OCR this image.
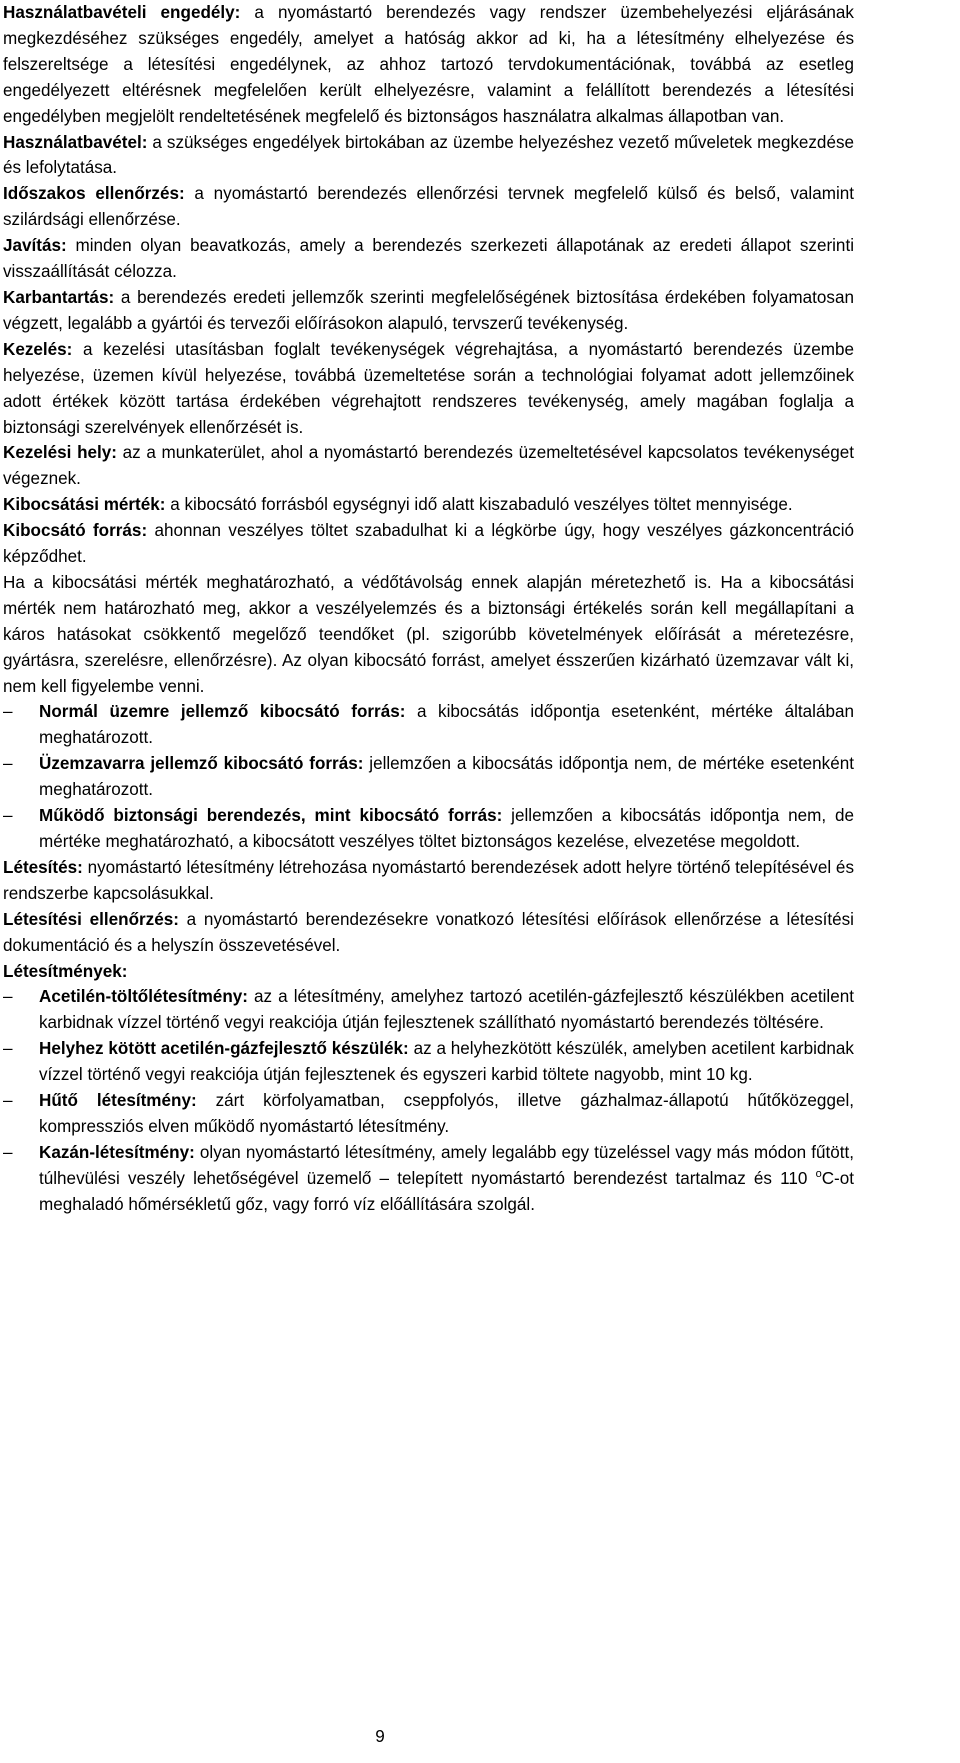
Használatbavételi engedély: a nyomástartó berendezés vagy rendszer üzembehelyezési eljárásának megkezdéséhez szükséges engedély, amelyet a hatóság akkor ad ki, ha a létesítmény elhelyezése és felszereltsége a létesítési engedélynek, az ahhoz tartozó tervdokumentációnak, továbbá az esetleg engedélyezett eltérésnek megfelelően került elhelyezésre, valamint a felállított berendezés a létesítési engedélyben megjelölt rendeltetésének megfelelő és biztonságos használatra alkalmas állapotban van.

Használatbavétel: a szükséges engedélyek birtokában az üzembe helyezéshez vezető műveletek megkezdése és lefolytatása.

Időszakos ellenőrzés: a nyomástartó berendezés ellenőrzési tervnek megfelelő külső és belső, valamint szilárdsági ellenőrzése.

Javítás: minden olyan beavatkozás, amely a berendezés szerkezeti állapotának az eredeti állapot szerinti visszaállítását célozza.

Karbantartás: a berendezés eredeti jellemzők szerinti megfelelőségének biztosítása érdekében folyamatosan végzett, legalább a gyártói és tervezői előírásokon alapuló, tervszerű tevékenység.

Kezelés: a kezelési utasításban foglalt tevékenységek végrehajtása, a nyomástartó berendezés üzembe helyezése, üzemen kívül helyezése, továbbá üzemeltetése során a technológiai folyamat adott jellemzőinek adott értékek között tartása érdekében végrehajtott rendszeres tevékenység, amely magában foglalja a biztonsági szerelvények ellenőrzését is.

Kezelési hely: az a munkaterület, ahol a nyomástartó berendezés üzemeltetésével kapcsolatos tevékenységet végeznek.

Kibocsátási mérték: a kibocsátó forrásból egységnyi idő alatt kiszabaduló veszélyes töltet mennyisége.

Kibocsátó forrás: ahonnan veszélyes töltet szabadulhat ki a légkörbe úgy, hogy veszélyes gázkoncentráció képződhet.

Ha a kibocsátási mérték meghatározható, a védőtávolság ennek alapján méretezhető is. Ha a kibocsátási mérték nem határozható meg, akkor a veszélyelemzés és a biztonsági értékelés során kell megállapítani a káros hatásokat csökkentő megelőző teendőket (pl. szigorúbb követelmények előírását a méretezésre, gyártásra, szerelésre, ellenőrzésre). Az olyan kibocsátó forrást, amelyet ésszerűen kizárható üzemzavar vált ki, nem kell figyelembe venni.

– Normál üzemre jellemző kibocsátó forrás: a kibocsátás időpontja esetenként, mértéke általában meghatározott.
– Üzemzavarra jellemző kibocsátó forrás: jellemzően a kibocsátás időpontja nem, de mértéke esetenként meghatározott.
– Működő biztonsági berendezés, mint kibocsátó forrás: jellemzően a kibocsátás időpontja nem, de mértéke meghatározható, a kibocsátott veszélyes töltet biztonságos kezelése, elvezetése megoldott.

Létesítés: nyomástartó létesítmény létrehozása nyomástartó berendezések adott helyre történő telepítésével és rendszerbe kapcsolásukkal.

Létesítési ellenőrzés: a nyomástartó berendezésekre vonatkozó létesítési előírások ellenőrzése a létesítési dokumentáció és a helyszín összevetésével.

Létesítmények:

– Acetilén-töltőlétesítmény: az a létesítmény, amelyhez tartozó acetilén-gázfejlesztő készülékben acetilent karbidnak vízzel történő vegyi reakciója útján fejlesztenek szállítható nyomástartó berendezés töltésére.
– Helyhez kötött acetilén-gázfejlesztő készülék: az a helyhezkötött készülék, amelyben acetilent karbidnak vízzel történő vegyi reakciója útján fejlesztenek és egyszeri karbid töltete nagyobb, mint 10 kg.
– Hűtő létesítmény: zárt körfolyamatban, cseppfolyós, illetve gázhalmaz-állapotú hűtőközeggel, kompressziós elven működő nyomástartó létesítmény.
– Kazán-létesítmény: olyan nyomástartó létesítmény, amely legalább egy tüzeléssel vagy más módon fűtött, túlhevülési veszély lehetőségével üzemelő – telepített nyomástartó berendezést tartalmaz és 110 $^o$C-ot meghaladó hőmérsékletű gőz, vagy forró víz előállítására szolgál.
9
